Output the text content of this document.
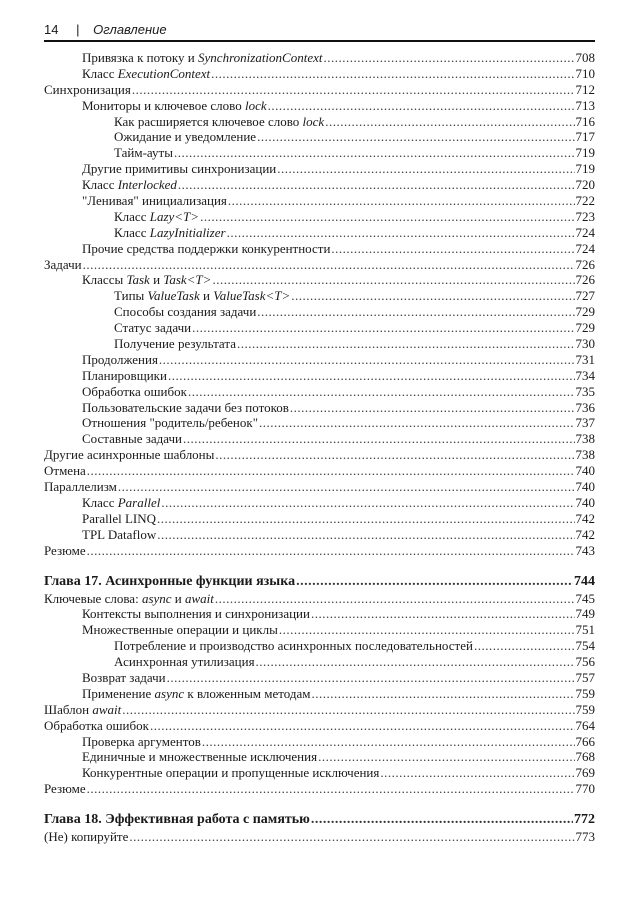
14 | Оглавление
Привязка к потоку и SynchronizationContext .....	708
Класс ExecutionContext .....	710
Синхронизация .....	712
Мониторы и ключевое слово lock .....	713
Как расширяется ключевое слово lock .....	716
Ожидание и уведомление .....	717
Тайм-ауты .....	719
Другие примитивы синхронизации .....	719
Класс Interlocked .....	720
"Ленивая" инициализация .....	722
Класс Lazy<T> .....	723
Класс LazyInitializer .....	724
Прочие средства поддержки конкурентности .....	724
Задачи .....	726
Классы Task и Task<T> .....	726
Типы ValueTask и ValueTask<T> .....	727
Способы создания задачи .....	729
Статус задачи .....	729
Получение результата .....	730
Продолжения .....	731
Планировщики .....	734
Обработка ошибок .....	735
Пользовательские задачи без потоков .....	736
Отношения "родитель/ребенок" .....	737
Составные задачи .....	738
Другие асинхронные шаблоны .....	738
Отмена .....	740
Параллелизм .....	740
Класс Parallel .....	740
Parallel LINQ .....	742
TPL Dataflow .....	742
Резюме .....	743
Глава 17. Асинхронные функции языка .....	744
Ключевые слова: async и await .....	745
Контексты выполнения и синхронизации .....	749
Множественные операции и циклы .....	751
Потребление и производство асинхронных последовательностей .....	754
Асинхронная утилизация .....	756
Возврат задачи .....	757
Применение async к вложенным методам .....	759
Шаблон await .....	759
Обработка ошибок .....	764
Проверка аргументов .....	766
Единичные и множественные исключения .....	768
Конкурентные операции и пропущенные исключения .....	769
Резюме .....	770
Глава 18. Эффективная работа с памятью .....	772
(Не) копируйте .....	773
